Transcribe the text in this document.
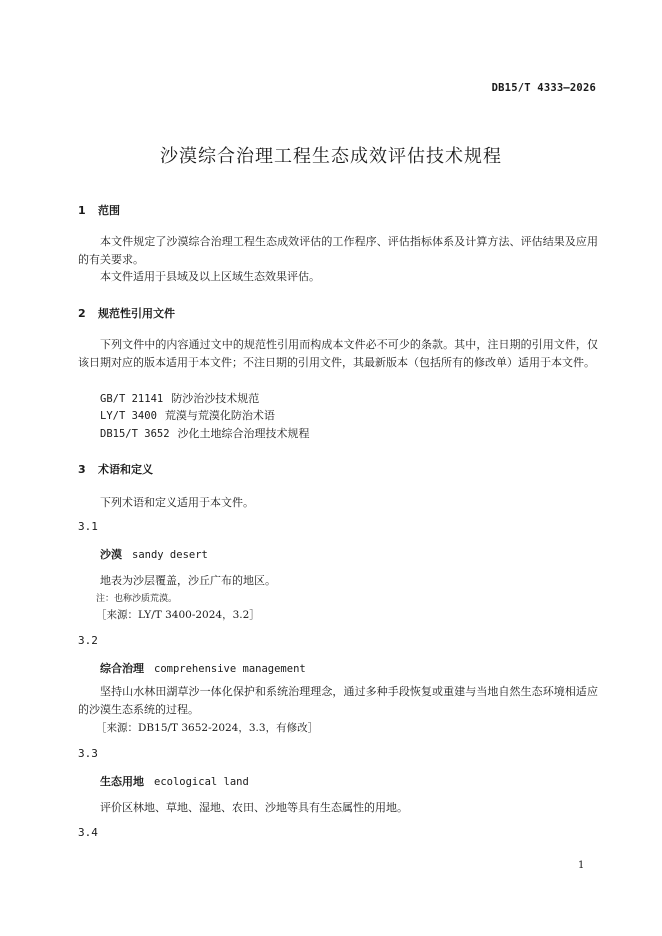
DB15/T 4333—2026
沙漠综合治理工程生态成效评估技术规程
1 范围
本文件规定了沙漠综合治理工程生态成效评估的工作程序、评估指标体系及计算方法、评估结果及应用的有关要求。
本文件适用于县域及以上区域生态效果评估。
2 规范性引用文件
下列文件中的内容通过文中的规范性引用而构成本文件必不可少的条款。其中，注日期的引用文件，仅该日期对应的版本适用于本文件；不注日期的引用文件，其最新版本（包括所有的修改单）适用于本文件。
GB/T 21141 防沙治沙技术规范
LY/T 3400 荒漠与荒漠化防治术语
DB15/T 3652 沙化土地综合治理技术规程
3 术语和定义
下列术语和定义适用于本文件。
3.1
沙漠 sandy desert
地表为沙层覆盖，沙丘广布的地区。
注：也称沙质荒漠。
［来源：LY/T 3400-2024，3.2］
3.2
综合治理 comprehensive management
坚持山水林田湖草沙一体化保护和系统治理理念，通过多种手段恢复或重建与当地自然生态环境相适应的沙漠生态系统的过程。
［来源：DB15/T 3652-2024，3.3，有修改］
3.3
生态用地 ecological land
评价区林地、草地、湿地、农田、沙地等具有生态属性的用地。
3.4
1
